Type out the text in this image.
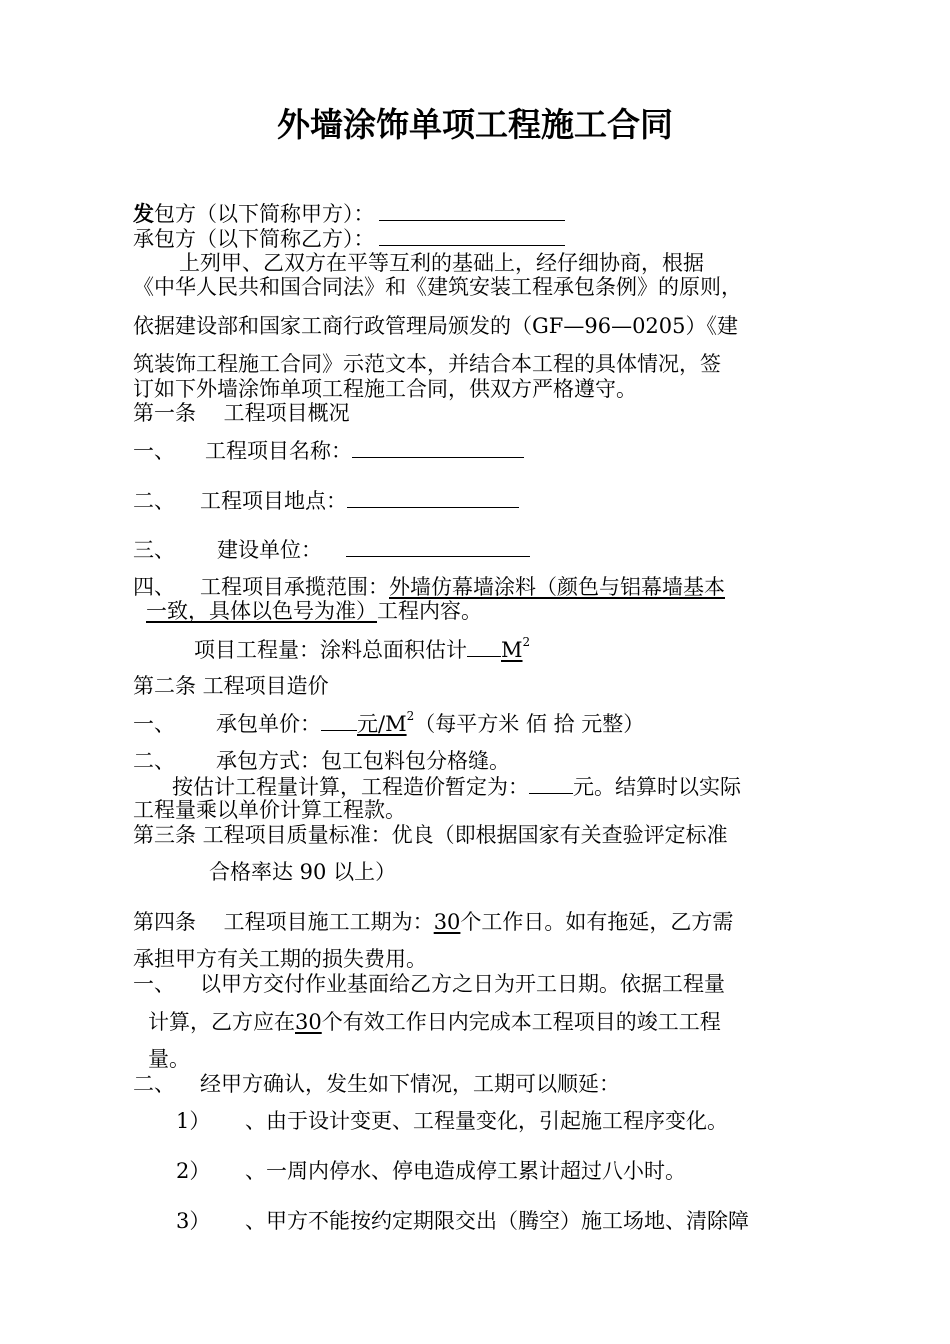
外墙涂饰单项工程施工合同
发包方（以下简称甲方）：
承包方（以下简称乙方）：
上列甲、乙双方在平等互利的基础上，经仔细协商，根据
《中华人民共和国合同法》和《建筑安装工程承包条例》的原则，
依据建设部和国家工商行政管理局颁发的（GF—96—0205）《建
筑装饰工程施工合同》示范文本，并结合本工程的具体情况，签
订如下外墙涂饰单项工程施工合同，供双方严格遵守。
第一条　 工程项目概况
一、 工程项目名称：
二、 工程项目地点：
三、 建设单位：
四、 工程项目承揽范围：外墙仿幕墙涂料（颜色与铝幕墙基本
一致，具体以色号为准）工程内容。
项目工程量：涂料总面积估计 $M^2$
第二条 工程项目造价
一、 承包单价： 元$/M^2$（每平方米 佰 拾 元整）
二、 承包方式：包工包料包分格缝。
按估计工程量计算，工程造价暂定为： 元。结算时以实际
工程量乘以单价计算工程款。
第三条 工程项目质量标准：优良（即根据国家有关查验评定标准
合格率达 90 以上）
第四条　 工程项目施工工期为：30个工作日。如有拖延，乙方需
承担甲方有关工期的损失费用。
一、 以甲方交付作业基面给乙方之日为开工日期。依据工程量
计算，乙方应在30个有效工作日内完成本工程项目的竣工工程
量。
二、 经甲方确认，发生如下情况，工期可以顺延：
1） 、由于设计变更、工程量变化，引起施工程序变化。
2） 、一周内停水、停电造成停工累计超过八小时。
3） 、甲方不能按约定期限交出（腾空）施工场地、清除障
